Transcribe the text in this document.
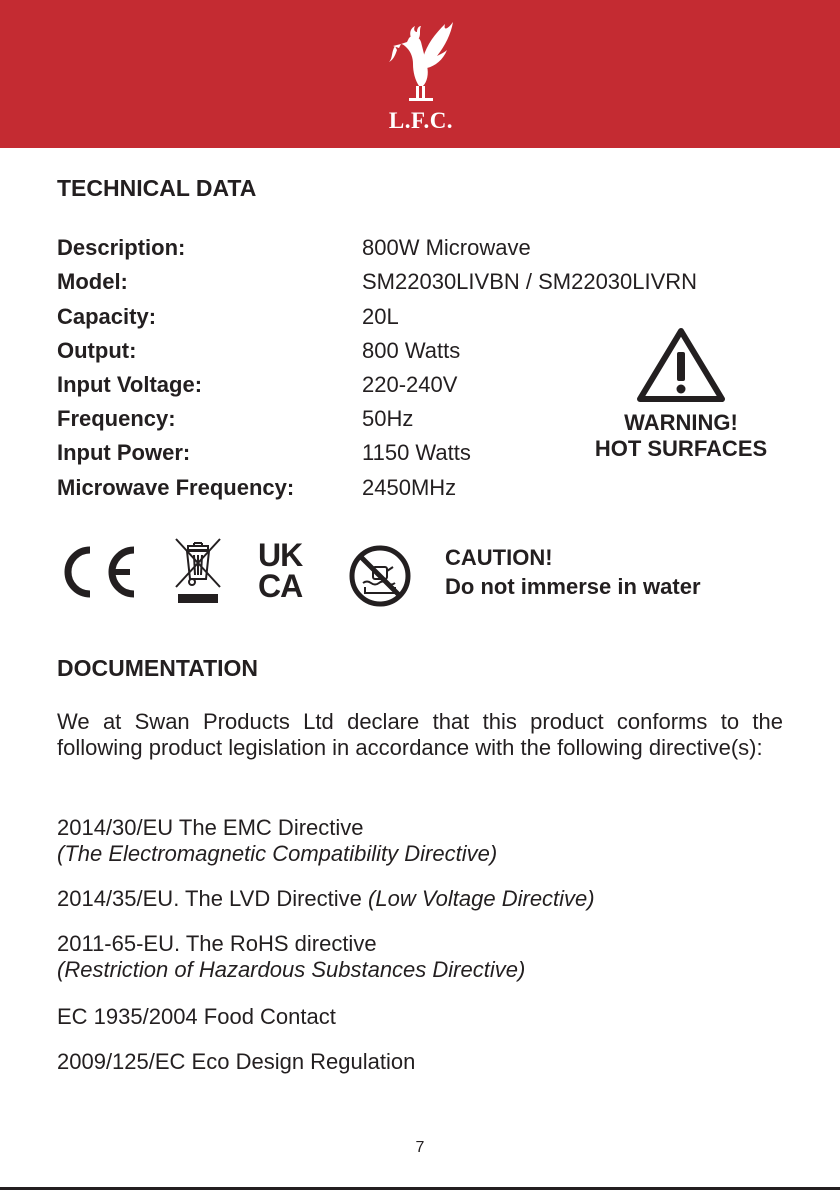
L.F.C.
TECHNICAL DATA
Description:	800W Microwave
Model:	SM22030LIVBN / SM22030LIVRN
Capacity:	20L
Output:	800 Watts
Input Voltage:	220-240V
Frequency:	50Hz
Input Power:	1150 Watts
Microwave Frequency:	2450MHz
WARNING!
HOT SURFACES
UK
CA
CAUTION!
Do not immerse in water
DOCUMENTATION
We at Swan Products Ltd declare that this product conforms to the following product legislation in accordance with the following directive(s):
2014/30/EU The EMC Directive
(The Electromagnetic Compatibility Directive)
2014/35/EU. The LVD Directive (Low Voltage Directive)
2011-65-EU. The RoHS directive
(Restriction of Hazardous Substances Directive)
EC 1935/2004 Food Contact
2009/125/EC Eco Design Regulation
7
